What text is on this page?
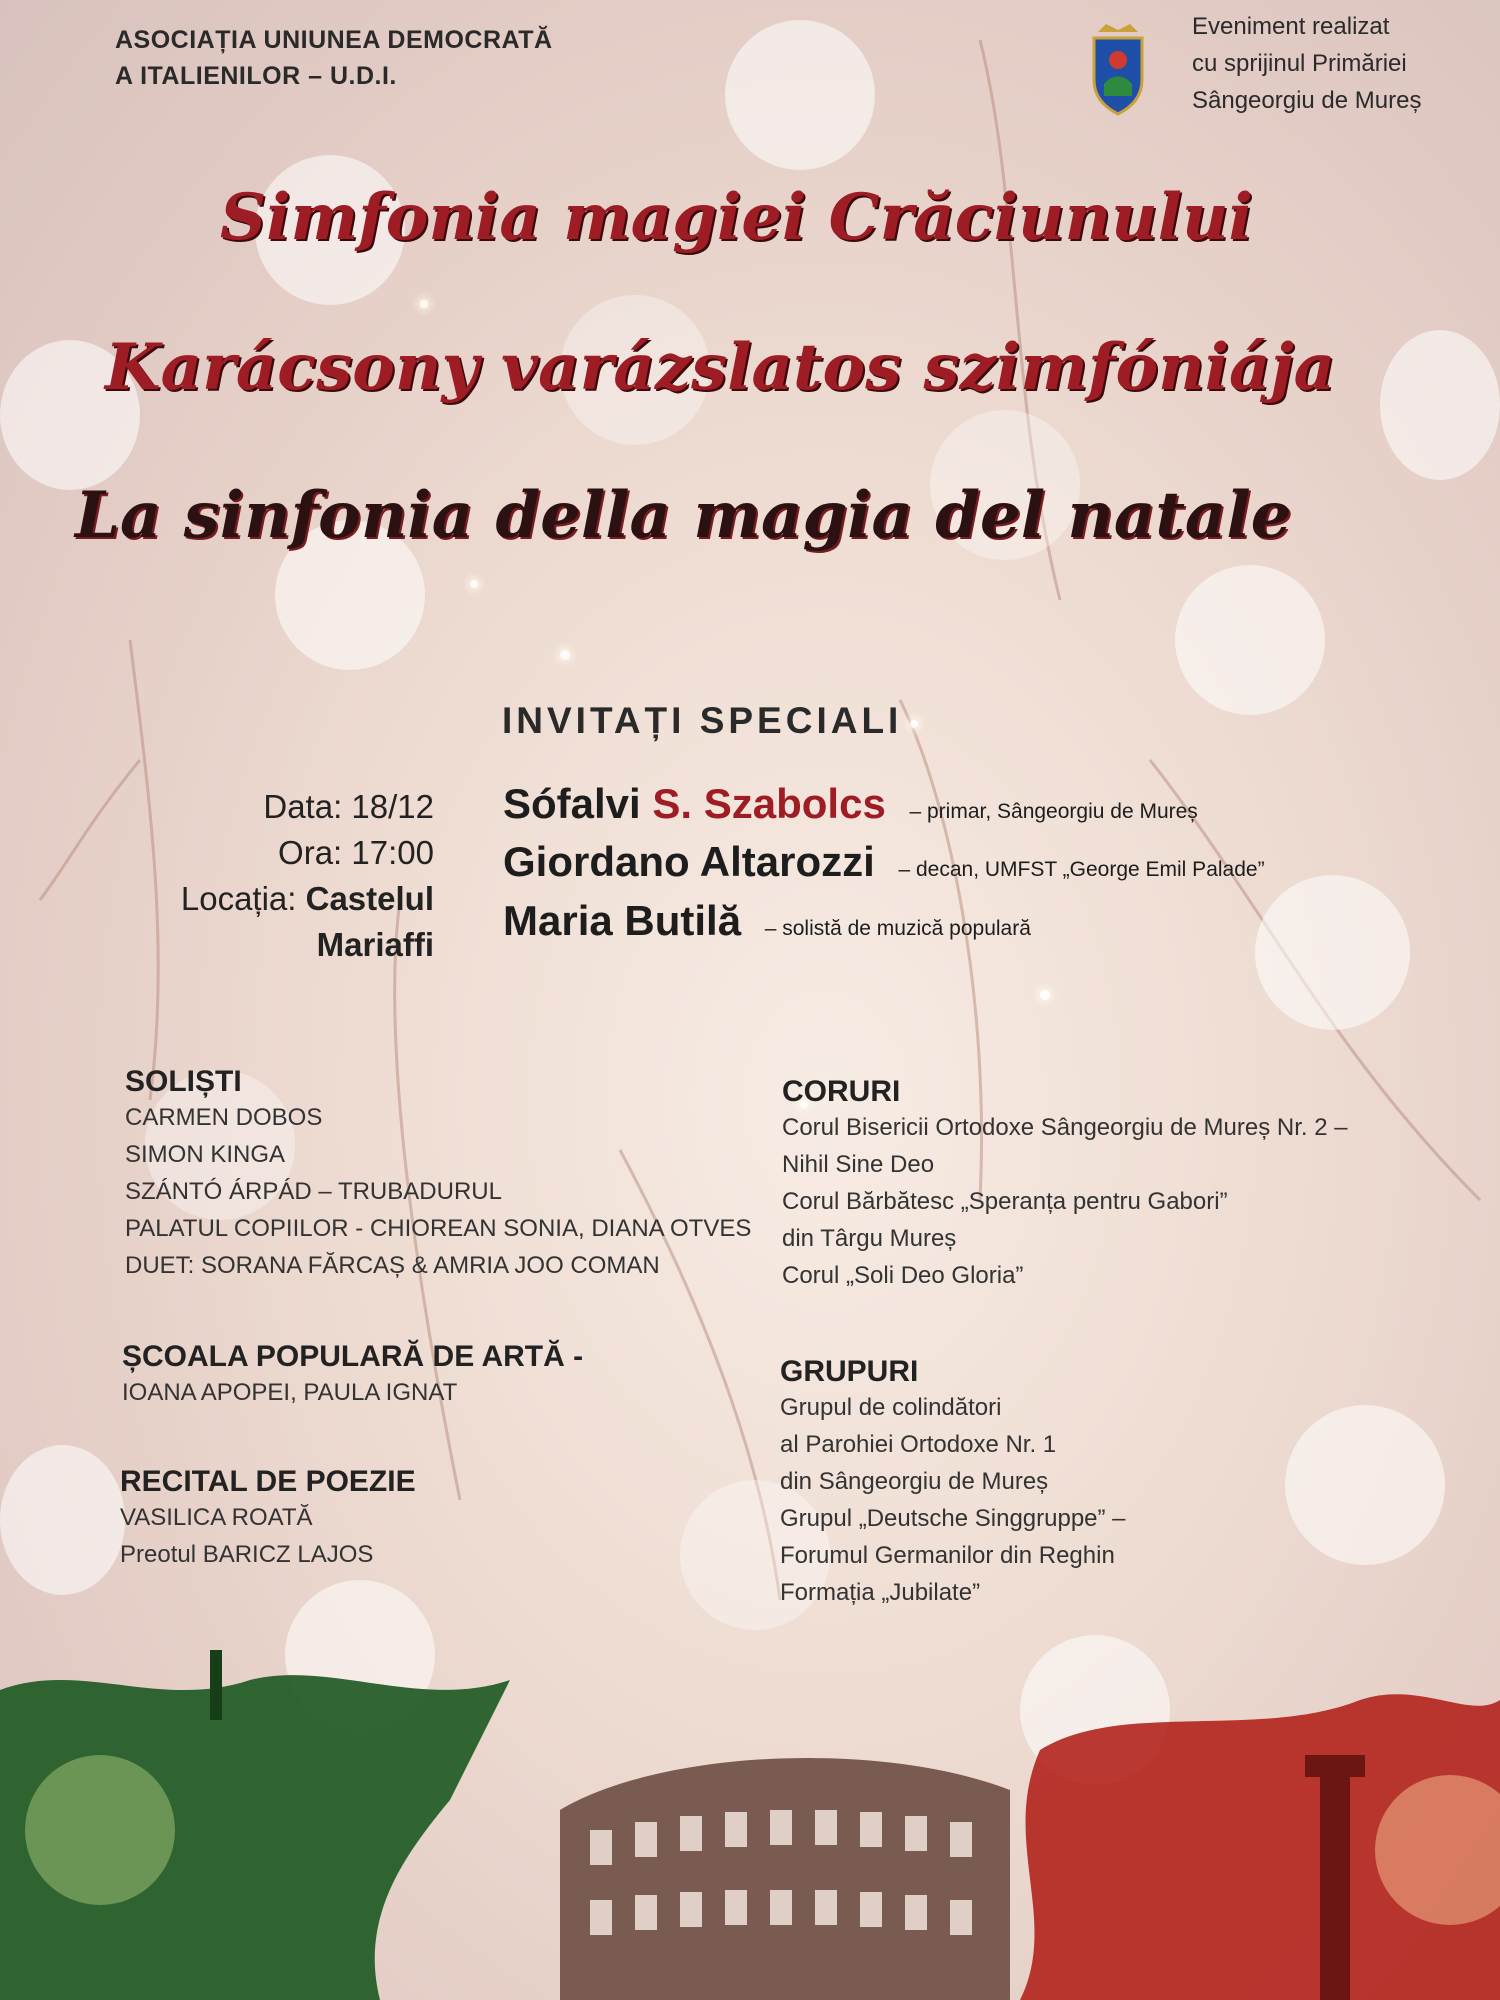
ASOCIAȚIA UNIUNEA DEMOCRATĂ
A ITALIENILOR – U.D.I.
Eveniment realizat
cu sprijinul Primăriei
Sângeorgiu de Mureș
Simfonia magiei Crăciunului
Karácsony varázslatos szimfóniája
La sinfonia della magia del natale
INVITAȚI SPECIALI
Data: 18/12
Ora: 17:00
Locația: Castelul
Mariaffi
Sófalvi S. Szabolcs – primar, Sângeorgiu de Mureș
Giordano Altarozzi – decan, UMFST „George Emil Palade”
Maria Butilă – solistă de muzică populară
SOLIȘTI
CARMEN DOBOS
SIMON KINGA
SZÁNTÓ ÁRPÁD – TRUBADURUL
PALATUL COPIILOR - CHIOREAN SONIA, DIANA OTVES
DUET: SORANA FĂRCAȘ & AMRIA JOO COMAN
ȘCOALA POPULARĂ DE ARTĂ -
IOANA APOPEI, PAULA IGNAT
RECITAL DE POEZIE
VASILICA ROATĂ
Preotul BARICZ LAJOS
CORURI
Corul Bisericii Ortodoxe Sângeorgiu de Mureș Nr. 2 –
Nihil Sine Deo
Corul Bărbătesc „Speranța pentru Gabori”
din Târgu Mureș
Corul „Soli Deo Gloria”
GRUPURI
Grupul de colindători
al Parohiei Ortodoxe Nr. 1
din Sângeorgiu de Mureș
Grupul „Deutsche Singgruppe” –
Forumul Germanilor din Reghin
Formația „Jubilate”
